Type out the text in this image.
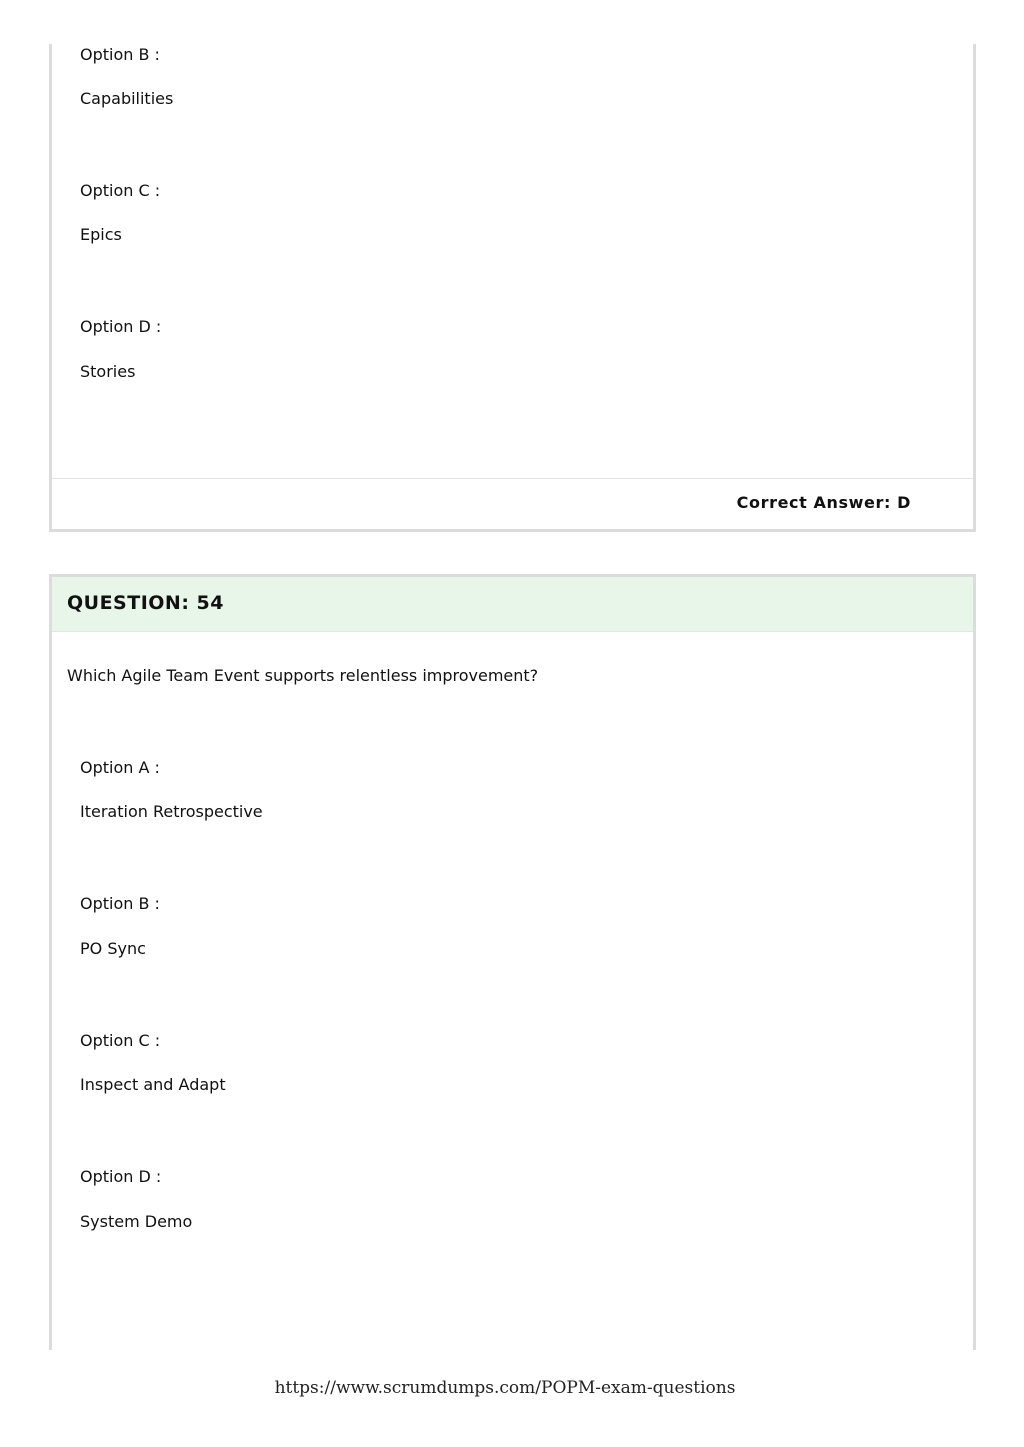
Option B :
Capabilities
Option C :
Epics
Option D :
Stories
Correct Answer: D
QUESTION: 54
Which Agile Team Event supports relentless improvement?
Option A :
Iteration Retrospective
Option B :
PO Sync
Option C :
Inspect and Adapt
Option D :
System Demo
https://www.scrumdumps.com/POPM-exam-questions
